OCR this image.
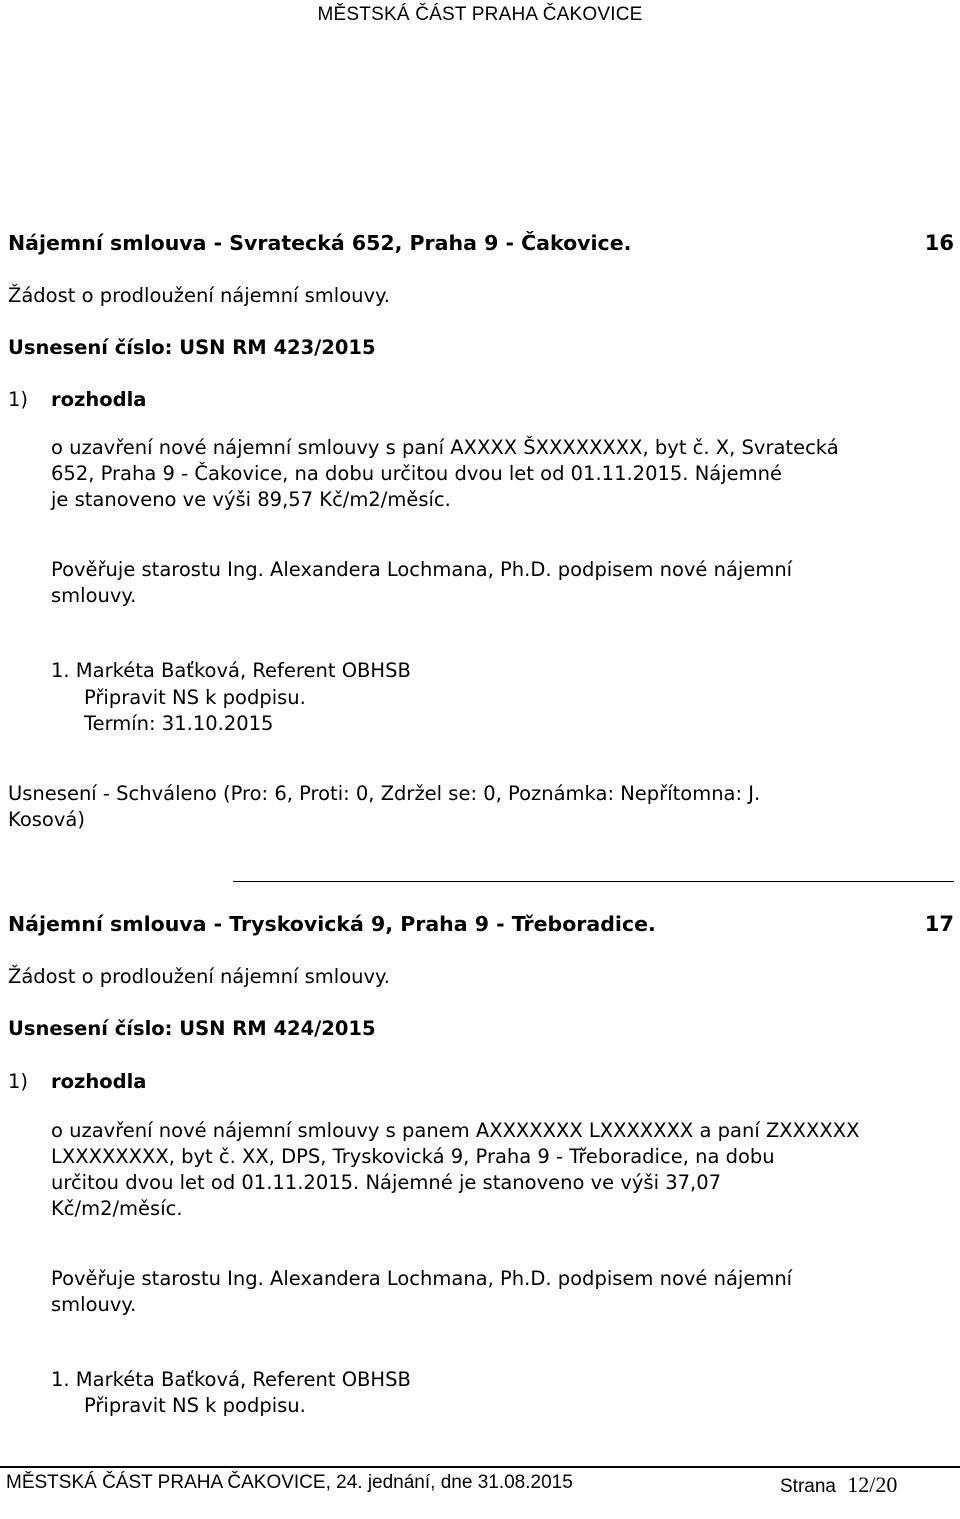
MĚSTSKÁ ČÁST PRAHA ČAKOVICE
Nájemní smlouva - Svratecká 652, Praha 9 - Čakovice.	16
Žádost o prodloužení nájemní smlouvy.
Usnesení číslo: USN RM 423/2015
1) rozhodla
o uzavření nové nájemní smlouvy s paní AXXXX ŠXXXXXXXX, byt č. X, Svratecká
652, Praha 9 - Čakovice, na dobu určitou dvou let od 01.11.2015. Nájemné
je stanoveno ve výši 89,57 Kč/m2/měsíc.
Pověřuje starostu Ing. Alexandera Lochmana, Ph.D. podpisem nové nájemní
smlouvy.
1. Markéta Baťková, Referent OBHSB
Připravit NS k podpisu.
Termín: 31.10.2015
Usnesení - Schváleno (Pro: 6, Proti: 0, Zdržel se: 0, Poznámka: Nepřítomna: J.
Kosová)
Nájemní smlouva - Tryskovická 9, Praha 9 - Třeboradice.	17
Žádost o prodloužení nájemní smlouvy.
Usnesení číslo: USN RM 424/2015
1) rozhodla
o uzavření nové nájemní smlouvy s panem AXXXXXXX LXXXXXXX a paní ZXXXXXX
LXXXXXXXX, byt č. XX, DPS, Tryskovická 9, Praha 9 - Třeboradice, na dobu
určitou dvou let od 01.11.2015. Nájemné je stanoveno ve výši 37,07
Kč/m2/měsíc.
Pověřuje starostu Ing. Alexandera Lochmana, Ph.D. podpisem nové nájemní
smlouvy.
1. Markéta Baťková, Referent OBHSB
Připravit NS k podpisu.
MĚSTSKÁ ČÁST PRAHA ČAKOVICE, 24. jednání, dne 31.08.2015	Strana 12/20
